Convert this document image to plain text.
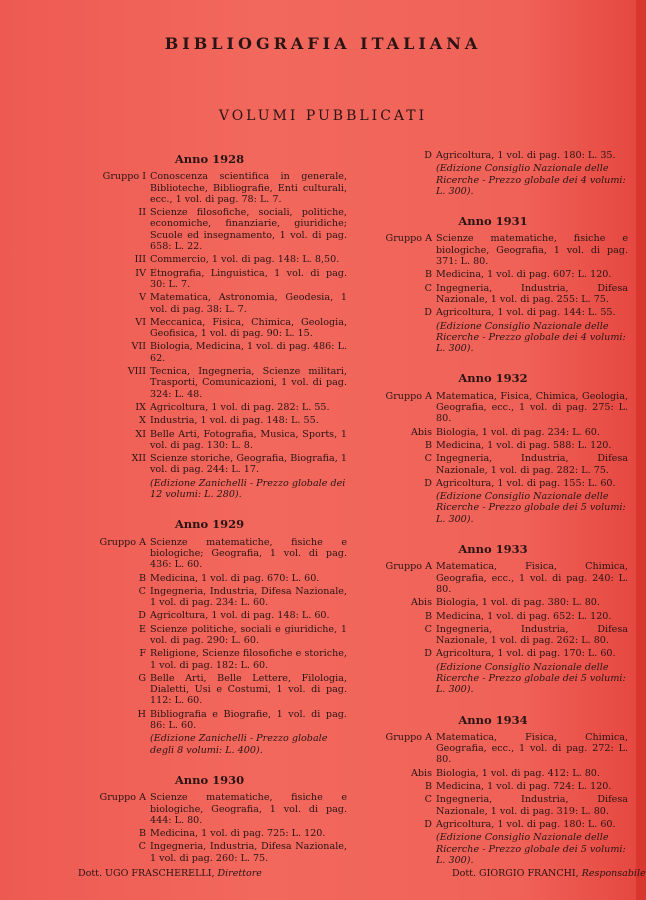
BIBLIOGRAFIA ITALIANA
VOLUMI PUBBLICATI
Anno 1928
Gruppo I Conoscenza scientifica in generale, Biblioteche, Bibliografie, Enti culturali, ecc., 1 vol. di pag. 78: L. 7.
II Scienze filosofiche, sociali, politiche, economiche, finanziarie, giuridiche; Scuole ed insegnamento, 1 vol. di pag. 658: L. 22.
III Commercio, 1 vol. di pag. 148: L. 8,50.
IV Etnografia, Linguistica, 1 vol. di pag. 30: L. 7.
V Matematica, Astronomia, Geodesia, 1 vol. di pag. 38: L. 7.
VI Meccanica, Fisica, Chimica, Geologia, Geofisica, 1 vol. di pag. 90: L. 15.
VII Biologia, Medicina, 1 vol. di pag. 486: L. 62.
VIII Tecnica, Ingegneria, Scienze militari, Trasporti, Comunicazioni, 1 vol. di pag. 324: L. 48.
IX Agricoltura, 1 vol. di pag. 282: L. 55.
X Industria, 1 vol. di pag. 148: L. 55.
XI Belle Arti, Fotografia, Musica, Sports, 1 vol. di pag. 130: L. 8.
XII Scienze storiche, Geografia, Biografia, 1 vol. di pag. 244: L. 17.
(Edizione Zanichelli - Prezzo globale dei 12 volumi: L. 280).
Anno 1929
Gruppo A Scienze matematiche, fisiche e biologiche; Geografia, 1 vol. di pag. 436: L. 60.
B Medicina, 1 vol. di pag. 670: L. 60.
C Ingegneria, Industria, Difesa Nazionale, 1 vol. di pag. 234: L. 60.
D Agricoltura, 1 vol. di pag. 148: L. 60.
E Scienze politiche, sociali e giuridiche, 1 vol. di pag. 290: L. 60.
F Religione, Scienze filosofiche e storiche, 1 vol. di pag. 182: L. 60.
G Belle Arti, Belle Lettere, Filologia, Dialetti, Usi e Costumi, 1 vol. di pag. 112: L. 60.
H Bibliografia e Biografie, 1 vol. di pag. 86: L. 60.
(Edizione Zanichelli - Prezzo globale degli 8 volumi: L. 400).
Anno 1930
Gruppo A Scienze matematiche, fisiche e biologiche, Geografia, 1 vol. di pag. 444: L. 80.
B Medicina, 1 vol. di pag. 725: L. 120.
C Ingegneria, Industria, Difesa Nazionale, 1 vol. di pag. 260: L. 75.
D Agricoltura, 1 vol. di pag. 180: L. 35.
(Edizione Consiglio Nazionale delle Ricerche - Prezzo globale dei 4 volumi: L. 300).
Anno 1931
Gruppo A Scienze matematiche, fisiche e biologiche, Geografia, 1 vol. di pag. 371: L. 80.
B Medicina, 1 vol. di pag. 607: L. 120.
C Ingegneria, Industria, Difesa Nazionale, 1 vol. di pag. 255: L. 75.
D Agricoltura, 1 vol. di pag. 144: L. 55.
(Edizione Consiglio Nazionale delle Ricerche - Prezzo globale dei 4 volumi: L. 300).
Anno 1932
Gruppo A Matematica, Fisica, Chimica, Geologia, Geografia, ecc., 1 vol. di pag. 275: L. 80.
Abis Biologia, 1 vol. di pag. 234: L. 60.
B Medicina, 1 vol. di pag. 588: L. 120.
C Ingegneria, Industria, Difesa Nazionale, 1 vol. di pag. 282: L. 75.
D Agricoltura, 1 vol. di pag. 155: L. 60.
(Edizione Consiglio Nazionale delle Ricerche - Prezzo globale dei 5 volumi: L. 300).
Anno 1933
Gruppo A Matematica, Fisica, Chimica, Geografia, ecc., 1 vol. di pag. 240: L. 80.
Abis Biologia, 1 vol. di pag. 380: L. 80.
B Medicina, 1 vol. di pag. 652: L. 120.
C Ingegneria, Industria, Difesa Nazionale, 1 vol. di pag. 262: L. 80.
D Agricoltura, 1 vol. di pag. 170: L. 60.
(Edizione Consiglio Nazionale delle Ricerche - Prezzo globale dei 5 volumi: L. 300).
Anno 1934
Gruppo A Matematica, Fisica, Chimica, Geografia, ecc., 1 vol. di pag. 272: L. 80.
Abis Biologia, 1 vol. di pag. 412: L. 80.
B Medicina, 1 vol. di pag. 724: L. 120.
C Ingegneria, Industria, Difesa Nazionale, 1 vol. di pag. 319: L. 80.
D Agricoltura, 1 vol. di pag. 180: L. 60.
(Edizione Consiglio Nazionale delle Ricerche - Prezzo globale dei 5 volumi: L. 300).
Dott. UGO FRASCHERELLI, Direttore	Dott. GIORGIO FRANCHI, Responsabile
